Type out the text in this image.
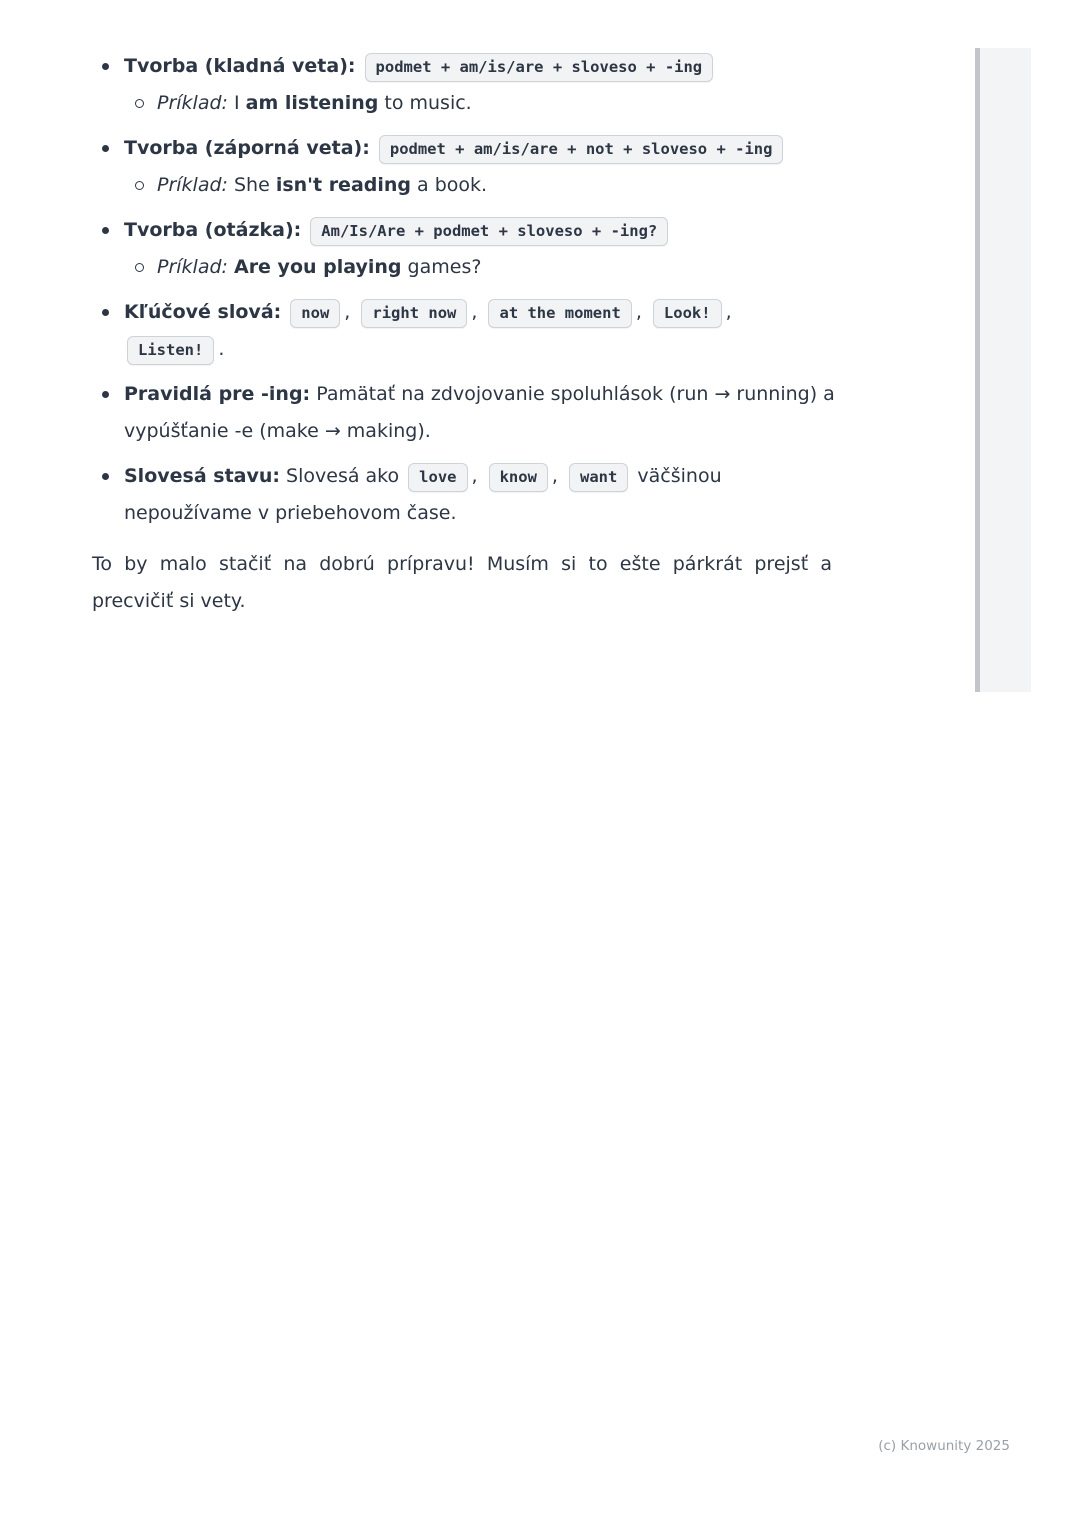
Tvorba (kladná veta): podmet + am/is/are + sloveso + -ing
Príklad: I am listening to music.
Tvorba (záporná veta): podmet + am/is/are + not + sloveso + -ing
Príklad: She isn't reading a book.
Tvorba (otázka): Am/Is/Are + podmet + sloveso + -ing?
Príklad: Are you playing games?
Kľúčové slová: now , right now , at the moment , Look! ,
Listen! .
Pravidlá pre -ing: Pamätať na zdvojovanie spoluhlások (run → running) a vypúšťanie -e (make → making).
Slovesá stavu: Slovesá ako love , know , want väčšinou nepoužívame v priebehovom čase.

To by malo stačiť na dobrú prípravu! Musím si to ešte párkrát prejsť a precvičiť si vety.

(c) Knowunity 2025
